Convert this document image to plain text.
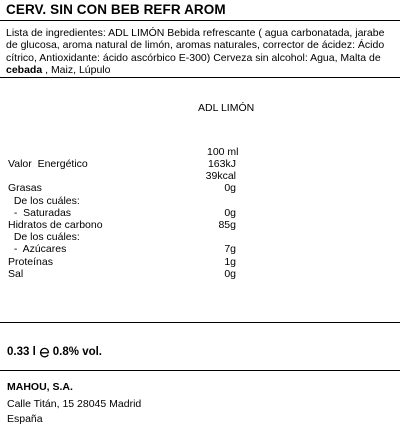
CERV. SIN CON BEB REFR AROM
Lista de ingredientes: ADL LIMÓN Bebida refrescante ( agua carbonatada, jarabe de glucosa, aroma natural de limón, aromas naturales, corrector de ácidez: Ácido cítrico, Antioxidante: ácido ascórbico E-300) Cerveza sin alcohol: Agua, Malta de cebada , Maiz, Lúpulo
ADL LIMÓN
100 ml
Valor  Energético	163kJ
39kcal
Grasas	0g
De los cuáles:
-  Saturadas	0g
Hidratos de carbono	85g
De los cuáles:
-  Azúcares	7g
Proteínas	1g
Sal	0g
0.33 l 0.8% vol.
MAHOU, S.A.
Calle Titán, 15 28045 Madrid
España
